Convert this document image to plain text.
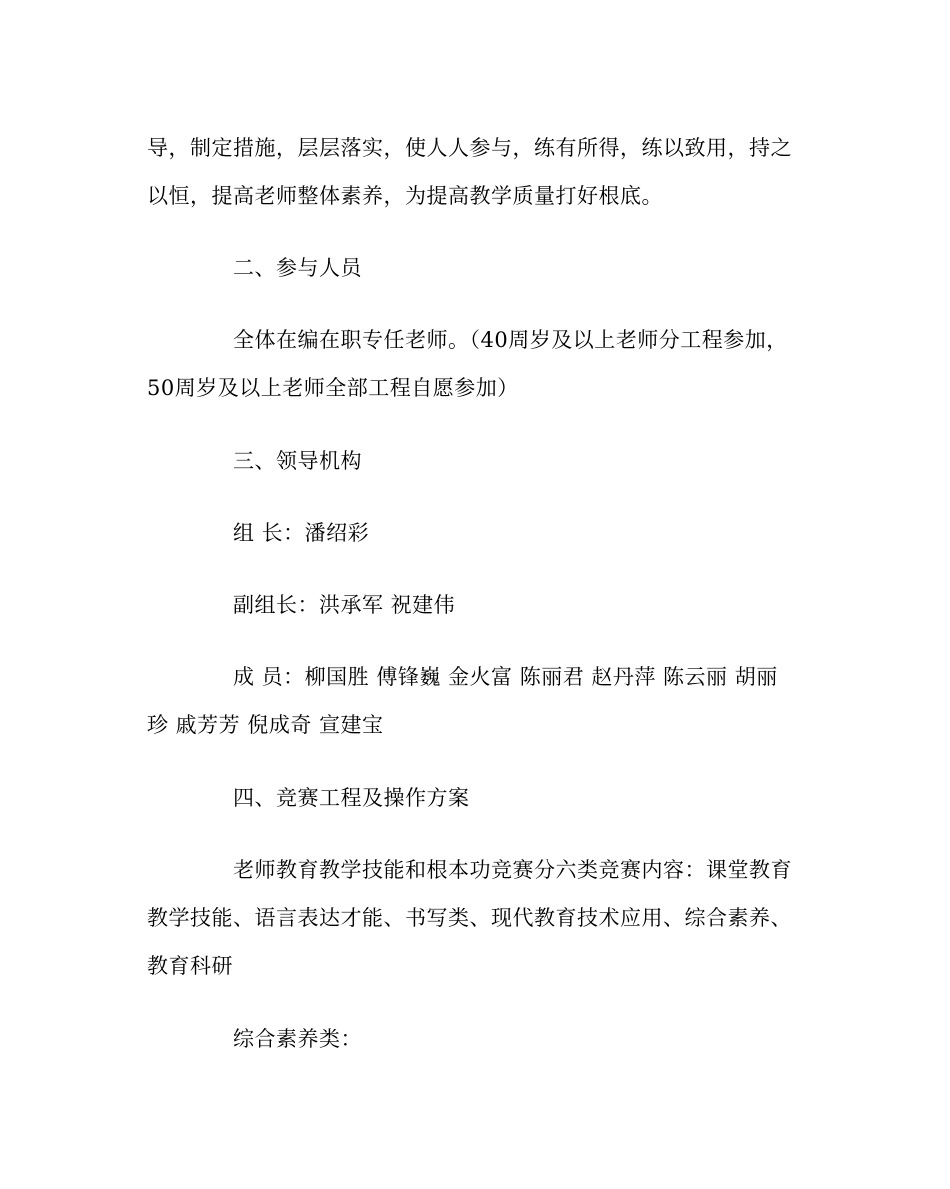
导，制定措施，层层落实，使人人参与，练有所得，练以致用，持之
以恒，提高老师整体素养，为提高教学质量打好根底。

二、参与人员

全体在编在职专任老师。（40周岁及以上老师分工程参加，
50周岁及以上老师全部工程自愿参加）

三、领导机构

组 长：潘绍彩

副组长：洪承军 祝建伟

成 员：柳国胜 傅锋巍 金火富 陈丽君 赵丹萍 陈云丽 胡丽
珍 戚芳芳 倪成奇 宣建宝

四、竞赛工程及操作方案

老师教育教学技能和根本功竞赛分六类竞赛内容：课堂教育
教学技能、语言表达才能、书写类、现代教育技术应用、综合素养、
教育科研

综合素养类：
